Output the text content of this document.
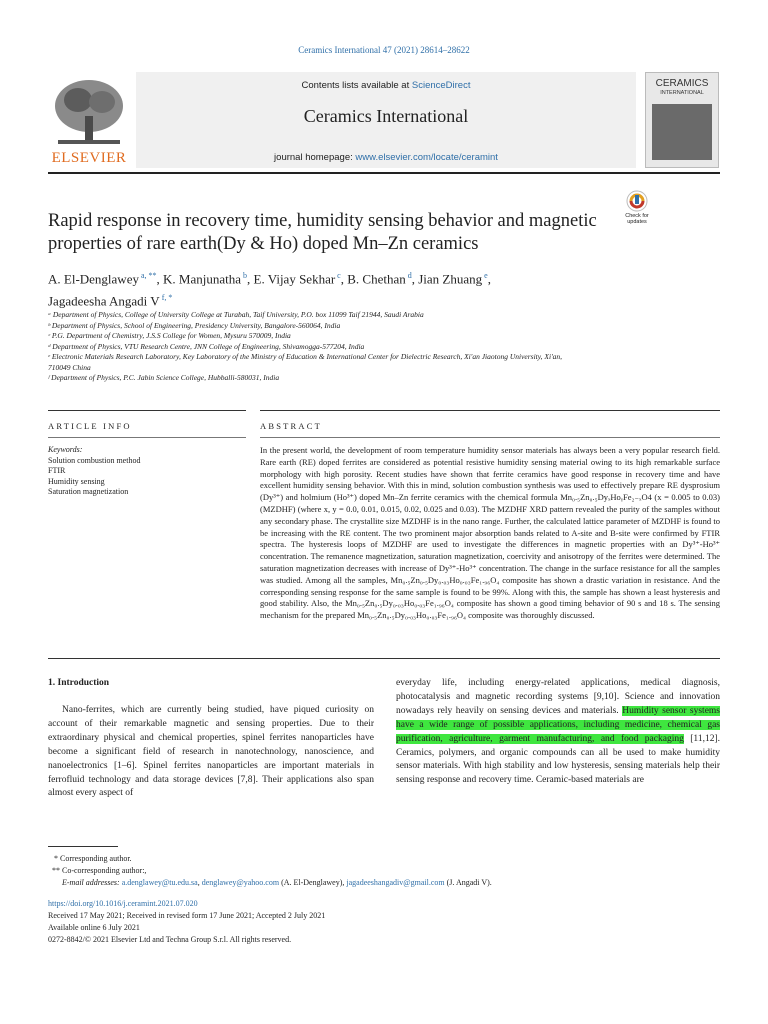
Ceramics International 47 (2021) 28614–28622
ELSEVIER
Contents lists available at ScienceDirect
Ceramics International
journal homepage: www.elsevier.com/locate/ceramint
CERAMICS
INTERNATIONAL
Check for updates
Rapid response in recovery time, humidity sensing behavior and magnetic properties of rare earth(Dy & Ho) doped Mn–Zn ceramics
A. El-Denglawey $^{a, **}$, K. Manjunatha $^b$, E. Vijay Sekhar $^c$, B. Chethan $^d$, Jian Zhuang $^e$,
Jagadeesha Angadi V $^{f, *}$
ᵃ Department of Physics, College of University College at Turabah, Taif University, P.O. box 11099 Taif 21944, Saudi Arabia
ᵇ Department of Physics, School of Engineering, Presidency University, Bangalore-560064, India
ᶜ P.G. Department of Chemistry, J.S.S College for Women, Mysuru 570009, India
ᵈ Department of Physics, VTU Research Centre, JNN College of Engineering, Shivamogga-577204, India
ᵉ Electronic Materials Research Laboratory, Key Laboratory of the Ministry of Education & International Center for Dielectric Research, Xi'an Jiaotong University, Xi'an,
710049 China
ᶠ Department of Physics, P.C. Jabin Science College, Hubballi-580031, India
ARTICLE INFO	ABSTRACT
Keywords:
Solution combustion method
FTIR
Humidity sensing
Saturation magnetization
In the present world, the development of room temperature humidity sensor materials has always been a very popular research field. Rare earth (RE) doped ferrites are considered as potential resistive humidity sensing material owing to its high remarkable surface morphology with high porosity. Recent studies have shown that ferrite ceramics have good response in recovery time and have excellent humidity sensing behavior. With this in mind, solution combustion synthesis was used to effectively prepare RE dysprosium (Dy³⁺) and holmium (Ho³⁺) doped Mn–Zn ferrite ceramics with the chemical formula Mn₀.₅Zn₀.₅DyₓHoᵧFe₂₋ₓO4 (x = 0.005 to 0.03) (MZDHF) (where x, y = 0.0, 0.01, 0.015, 0.02, 0.025 and 0.03). The MZDHF XRD pattern revealed the purity of the samples without any secondary phase. The crystallite size MZDHF is in the nano range. Further, the calculated lattice parameter of MZDHF is found to be increasing with the RE content. The two prominent major absorption bands related to A-site and B-site were confirmed by FTIR spectra. The hysteresis loops of MZDHF are used to investigate the differences in magnetic properties with an Dy³⁺-Ho³⁺ concentration. The remanence magnetization, saturation magnetization, coercivity and anisotropy of the ferrites were determined. The saturation magnetization decreases with increase of Dy³⁺-Ho³⁺ concentration. The change in the surface resistance for all the samples was studied. Among all the samples, Mn₀.₅Zn₀.₅Dy₀.₀₃Ho₀.₀₃Fe₁.₉₆O₄ composite has shown a drastic variation in resistance. And the corresponding sensing response for the same sample is found to be 99%. Along with this, the sample has shown a least hysteresis and good stability. Also, the Mn₀.₅Zn₀.₅Dy₀.₀₃Ho₀.₀₃Fe₁.₉₆O₄ composite has shown a good timing behavior of 90 s and 18 s. The sensing mechanism for the prepared Mn₀.₅Zn₀.₅Dy₀.₀₃Ho₀.₀₃Fe₁.₉₆O₄ composite was thoroughly discussed.
1. Introduction
Nano-ferrites, which are currently being studied, have piqued curiosity on account of their remarkable magnetic and sensing properties. Due to their extraordinary physical and chemical properties, spinel ferrites nanoparticles have become a significant field of research in nanotechnology, nanoscience, and nanoelectronics [1–6]. Spinel ferrites nanoparticles are important materials in ferrofluid technology and data storage devices [7,8]. Their applications also span almost every aspect of
everyday life, including energy-related applications, medical diagnosis, photocatalysis and magnetic recording systems [9,10]. Science and innovation nowadays rely heavily on sensing devices and materials. Humidity sensor systems have a wide range of possible applications, including medicine, chemical gas purification, agriculture, garment manufacturing, and food packaging [11,12]. Ceramics, polymers, and organic compounds can all be used to make humidity sensor materials. With high stability and low hysteresis, sensing materials help their sensing response and recovery time. Ceramic-based materials are
* Corresponding author.
** Co-corresponding author:,
E-mail addresses: a.denglawey@tu.edu.sa, denglawey@yahoo.com (A. El-Denglawey), jagadeeshangadiv@gmail.com (J. Angadi V).
https://doi.org/10.1016/j.ceramint.2021.07.020
Received 17 May 2021; Received in revised form 17 June 2021; Accepted 2 July 2021
Available online 6 July 2021
0272-8842/© 2021 Elsevier Ltd and Techna Group S.r.l. All rights reserved.
